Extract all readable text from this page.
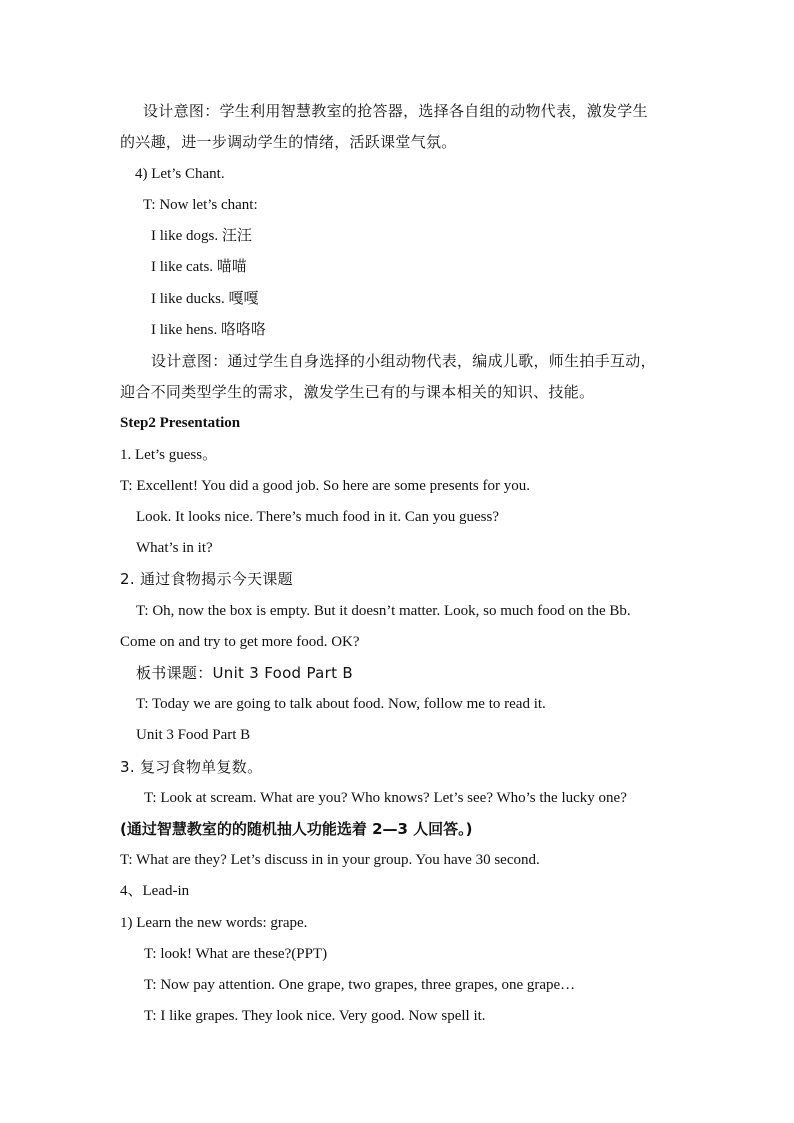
设计意图：学生利用智慧教室的抢答器，选择各自组的动物代表，激发学生
的兴趣，进一步调动学生的情绪，活跃课堂气氛。
4) Let’s Chant.
T: Now let’s chant:
I like dogs. 汪汪
I like cats. 喵喵
I like ducks. 嘎嘎
I like hens. 咯咯咯
设计意图：通过学生自身选择的小组动物代表，编成儿歌，师生拍手互动，
迎合不同类型学生的需求，激发学生已有的与课本相关的知识、技能。
Step2 Presentation
1. Let’s guess。
T: Excellent! You did a good job. So here are some presents for you.
Look. It looks nice. There’s much food in it. Can you guess?
What’s in it?
2. 通过食物揭示今天课题
T: Oh, now the box is empty. But it doesn’t matter. Look, so much food on the Bb.
Come on and try to get more food. OK?
板书课题：Unit 3 Food Part B
T: Today we are going to talk about food. Now, follow me to read it.
Unit 3 Food Part B
3. 复习食物单复数。
T: Look at scream. What are you? Who knows? Let’s see? Who’s the lucky one?
(通过智慧教室的的随机抽人功能选着 2—3 人回答。)
T: What are they? Let’s discuss in in your group. You have 30 second.
4、Lead-in
1) Learn the new words: grape.
T: look! What are these?(PPT)
T: Now pay attention. One grape, two grapes, three grapes, one grape…
T: I like grapes. They look nice. Very good. Now spell it.
